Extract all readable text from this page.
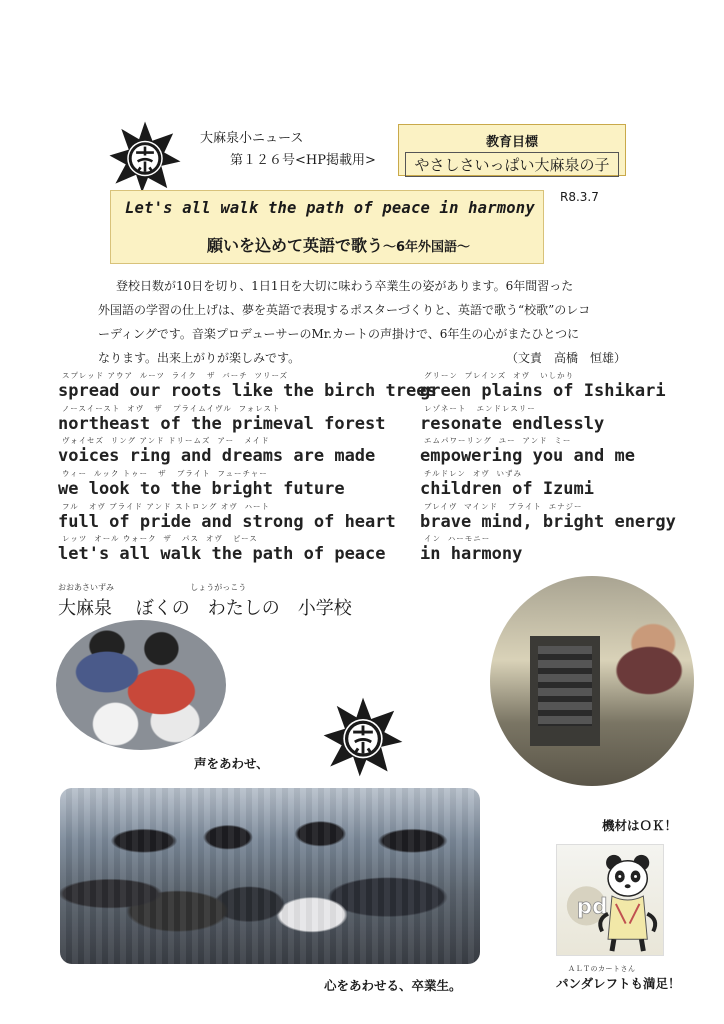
大麻泉小ニュース
第１２６号<HP掲載用>
教育目標
やさしさいっぱい大麻泉の子
R8.3.7
Let's all walk the path of peace in harmony
願いを込めて英語で歌う～6年外国語～

登校日数が10日を切り、1日1日を大切に味わう卒業生の姿があります。6年間習った

外国語の学習の仕上げは、夢を英語で表現するポスターづくりと、英語で歌う“校歌”のレコ

ーディングです。音楽プロデューサーのMr.カートの声掛けで、6年生の心がまたひとつに

なります。出来上がりが楽しみです。	（文責　高橋　恒雄）
スプレッド アウア  ルーツ  ライク   ザ  バーチ  ツリーズ
spread our roots like the birch trees
ノースイースト  オヴ   ザ   プライムイヴル  フォレスト
northeast of the primeval forest
ヴォイセズ  リング アンド ドリームズ  アー   メイド
voices ring and dreams are made
ウィー  ルック トゥー   ザ   ブライト  フューチャー
we look to the bright future
フル   オヴ ブライド アンド ストロング オヴ  ハート
full of pride and strong of heart
レッツ  オール ウォーク  ザ   パス  オヴ   ピース
let's all walk the path of peace
グリーン  プレインズ  オヴ   いしかり
green plains of Ishikari
レゾネート   エンドレスリー
resonate endlessly
エムパワーリング  ユー  アンド  ミー
empowering you and me
チルドレン  オヴ  いずみ
children of Izumi
ブレイヴ  マインド   ブライト  エナジー
brave mind, bright energy
イン  ハーモニー
in harmony
おおあさいずみ                              しょうがっこう
大麻泉　 ぼくの　わたしの　小学校
声をあわせ、
機材はＯＫ！
pd
心をあわせる、卒業生。
ＡＬＴのカートさん
パンダレフトも満足！
